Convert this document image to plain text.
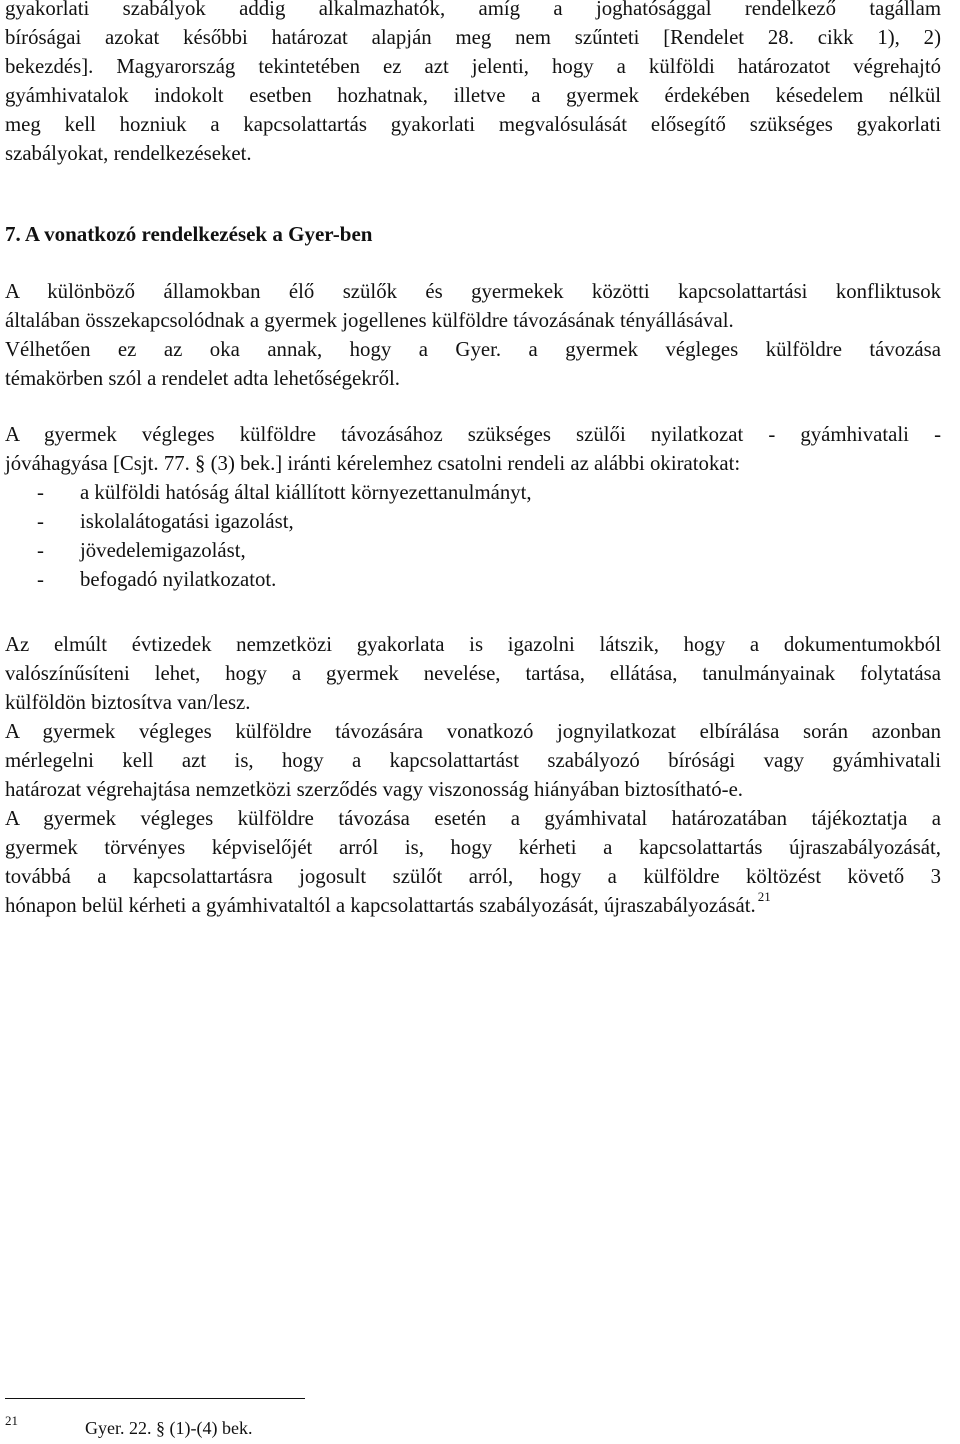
gyakorlati szabályok addig alkalmazhatók, amíg a joghatósággal rendelkező tagállam
bíróságai azokat későbbi határozat alapján meg nem szűnteti [Rendelet 28. cikk 1), 2)
bekezdés]. Magyarország tekintetében ez azt jelenti, hogy a külföldi határozatot végrehajtó
gyámhivatalok indokolt esetben hozhatnak, illetve a gyermek érdekében késedelem nélkül
meg kell hozniuk a kapcsolattartás gyakorlati megvalósulását elősegítő szükséges gyakorlati
szabályokat, rendelkezéseket.

7. A vonatkozó rendelkezések a Gyer-ben

A különböző államokban élő szülők és gyermekek közötti kapcsolattartási konfliktusok
általában összekapcsolódnak a gyermek jogellenes külföldre távozásának tényállásával.
Vélhetően ez az oka annak, hogy a Gyer. a gyermek végleges külföldre távozása
témakörben szól a rendelet adta lehetőségekről.

A gyermek végleges külföldre távozásához szükséges szülői nyilatkozat - gyámhivatali -
jóváhagyása [Csjt. 77. § (3) bek.] iránti kérelemhez csatolni rendeli az alábbi okiratokat:

- a külföldi hatóság által kiállított környezettanulmányt,
- iskolalátogatási igazolást,
- jövedelemigazolást,
- befogadó nyilatkozatot.

Az elmúlt évtizedek nemzetközi gyakorlata is igazolni látszik, hogy a dokumentumokból
valószínűsíteni lehet, hogy a gyermek nevelése, tartása, ellátása, tanulmányainak folytatása
külföldön biztosítva van/lesz.

A gyermek végleges külföldre távozására vonatkozó jognyilatkozat elbírálása során azonban
mérlegelni kell azt is, hogy a kapcsolattartást szabályozó bírósági vagy gyámhivatali
határozat végrehajtása nemzetközi szerződés vagy viszonosság hiányában biztosítható-e.

A gyermek végleges külföldre távozása esetén a gyámhivatal határozatában tájékoztatja a
gyermek törvényes képviselőjét arról is, hogy kérheti a kapcsolattartás újraszabályozását,
továbbá a kapcsolattartásra jogosult szülőt arról, hogy a külföldre költözést követő 3
hónapon belül kérheti a gyámhivataltól a kapcsolattartás szabályozását, újraszabályozását. $^{21}$

21	Gyer. 22. § (1)-(4) bek.
